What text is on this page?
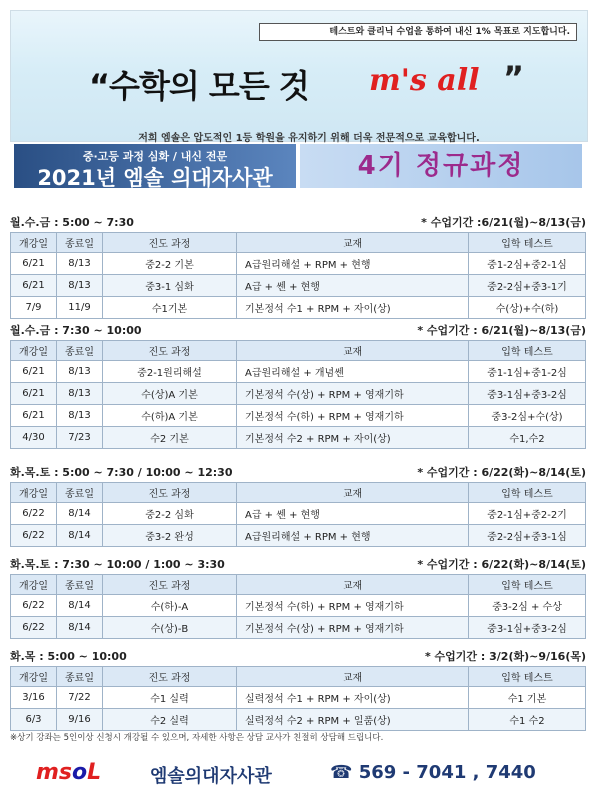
테스트와 클리닉 수업을 통하여 내신 1% 목표로 지도합니다.
“수학의 모든 것 m's all ”
저희 엠솔은 압도적인 1등 학원을 유지하기 위해 더욱 전문적으로 교육합니다.
중·고등 과정 심화 / 내신 전문
2021년 엠솔 의대자사관	4기 정규과정
월.수.금 : 5:00 ~ 7:30	* 수업기간 :6/21(월)~8/13(금)
개강일	종료일	진도 과정	교재	입학 테스트
6/21	8/13	중2-2 기본	A급원리해설 + RPM + 현행	중1-2심+중2-1심
6/21	8/13	중3-1 심화	A급 + 쎈 + 현행	중2-2심+중3-1기
7/9	11/9	수1기본	기본정석 수1 + RPM + 자이(상)	수(상)+수(하)
월.수.금 : 7:30 ~ 10:00	* 수업기간 : 6/21(월)~8/13(금)
개강일	종료일	진도 과정	교재	입학 테스트
6/21	8/13	중2-1원리해설	A급원리해설 + 개념쎈	중1-1심+중1-2심
6/21	8/13	수(상)A 기본	기본정석 수(상) + RPM + 영재기하	중3-1심+중3-2심
6/21	8/13	수(하)A 기본	기본정석 수(하) + RPM + 영재기하	중3-2심+수(상)
4/30	7/23	수2 기본	기본정석 수2 + RPM + 자이(상)	수1,수2
화.목.토 : 5:00 ~ 7:30 / 10:00 ~ 12:30	* 수업기간 : 6/22(화)~8/14(토)
개강일	종료일	진도 과정	교재	입학 테스트
6/22	8/14	중2-2 심화	A급 + 쎈 + 현행	중2-1심+중2-2기
6/22	8/14	중3-2 완성	A급원리해설 + RPM + 현행	중2-2심+중3-1심
화.목.토 : 7:30 ~ 10:00 / 1:00 ~ 3:30	* 수업기간 : 6/22(화)~8/14(토)
개강일	종료일	진도 과정	교재	입학 테스트
6/22	8/14	수(하)-A	기본정석 수(하) + RPM + 영재기하	중3-2심 + 수상
6/22	8/14	수(상)-B	기본정석 수(상) + RPM + 영재기하	중3-1심+중3-2심
화.목 : 5:00 ~ 10:00	* 수업기간 : 3/2(화)~9/16(목)
개강일	종료일	진도 과정	교재	입학 테스트
3/16	7/22	수1 실력	실력정석 수1 + RPM + 자이(상)	수1 기본
6/3	9/16	수2 실력	실력정석 수2 + RPM + 일품(상)	수1 수2
※상기 강좌는 5인이상 신청시 개강될 수 있으며, 자세한 사항은 상담 교사가 친절히 상담해 드립니다.
msoL	엠솔의대자사관	☎ 569 - 7041 , 7440
